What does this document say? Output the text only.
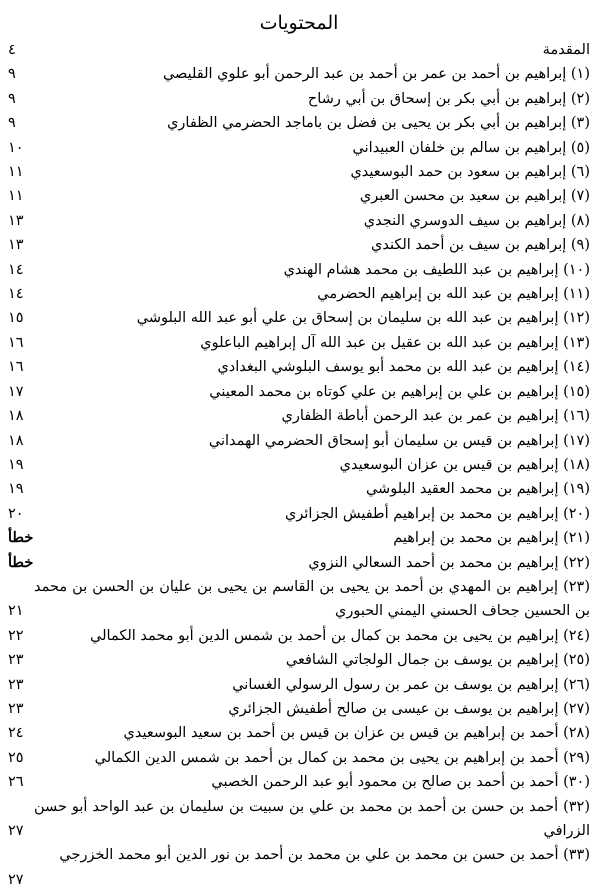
المحتويات
المقدمة
٤
(١) إبراهيم بن أحمد بن عمر بن أحمد بن عبد الرحمن أبو علوي القليصي
٩
(٢) إبراهيم بن أبي بكر بن إسحاق بن أبي رشاح
٩
(٣) إبراهيم بن أبي بكر بن يحيى بن فضل بن باماجد الحضرمي الظفاري
٩
(٥) إبراهيم بن سالم بن خلفان العبيداني
١٠
(٦) إبراهيم بن سعود بن حمد البوسعيدي
١١
(٧) إبراهيم بن سعيد بن محسن العبري
١١
(٨) إبراهيم بن سيف الدوسري النجدي
١٣
(٩) إبراهيم بن سيف بن أحمد الكندي
١٣
(١٠) إبراهيم بن عبد اللطيف بن محمد هشام الهندي
١٤
(١١) إبراهيم بن عبد الله بن إبراهيم الحضرمي
١٤
(١٢) إبراهيم بن عبد الله بن سليمان بن إسحاق بن علي أبو عبد الله البلوشي
١٥
(١٣) إبراهيم بن عبد الله بن عقيل بن عبد الله آل إبراهيم الباعلوي
١٦
(١٤) إبراهيم بن عبد الله بن محمد أبو يوسف البلوشي البغدادي
١٦
(١٥) إبراهيم بن علي بن إبراهيم بن علي كوتاه بن محمد المعيني
١٧
(١٦) إبراهيم بن عمر بن عبد الرحمن أباطة الظفاري
١٨
(١٧) إبراهيم بن قيس بن سليمان أبو إسحاق الحضرمي الهمداني
١٨
(١٨) إبراهيم بن قيس بن عزان البوسعيدي
١٩
(١٩) إبراهيم بن محمد العقيد البلوشي
١٩
(٢٠) إبراهيم بن محمد بن إبراهيم أطفيش الجزائري
٢٠
(٢١) إبراهيم بن محمد بن إبراهيم
خطأ
(٢٢) إبراهيم بن محمد بن أحمد السعالي النزوي
خطأ
(٢٣) إبراهيم بن المهدي بن أحمد بن يحيى بن القاسم بن يحيى بن عليان بن الحسن بن محمد بن الحسين جحاف الحسني اليمني الحبوري
٢١
(٢٤) إبراهيم بن يحيى بن محمد بن كمال بن أحمد بن شمس الدين أبو محمد الكمالي
٢٢
(٢٥) إبراهيم بن يوسف بن جمال الولجاتي الشافعي
٢٣
(٢٦) إبراهيم بن يوسف بن عمر بن رسول الرسولي الغساني
٢٣
(٢٧) إبراهيم بن يوسف بن عيسى بن صالح أطفيش الجزائري
٢٣
(٢٨) أحمد بن إبراهيم بن قيس بن عزان بن قيس بن أحمد بن سعيد البوسعيدي
٢٤
(٢٩) أحمد بن إبراهيم بن يحيى بن محمد بن كمال بن أحمد بن شمس الدين الكمالي
٢٥
(٣٠) أحمد بن أحمد بن صالح بن محمود أبو عبد الرحمن الخصبي
٢٦
(٣٢) أحمد بن حسن بن أحمد بن محمد بن علي بن سبيت بن سليمان بن عبد الواحد أبو حسن الزرافي
٢٧
(٣٣) أحمد بن حسن بن محمد بن علي بن محمد بن أحمد بن نور الدين أبو محمد الخزرجي
٢٧
